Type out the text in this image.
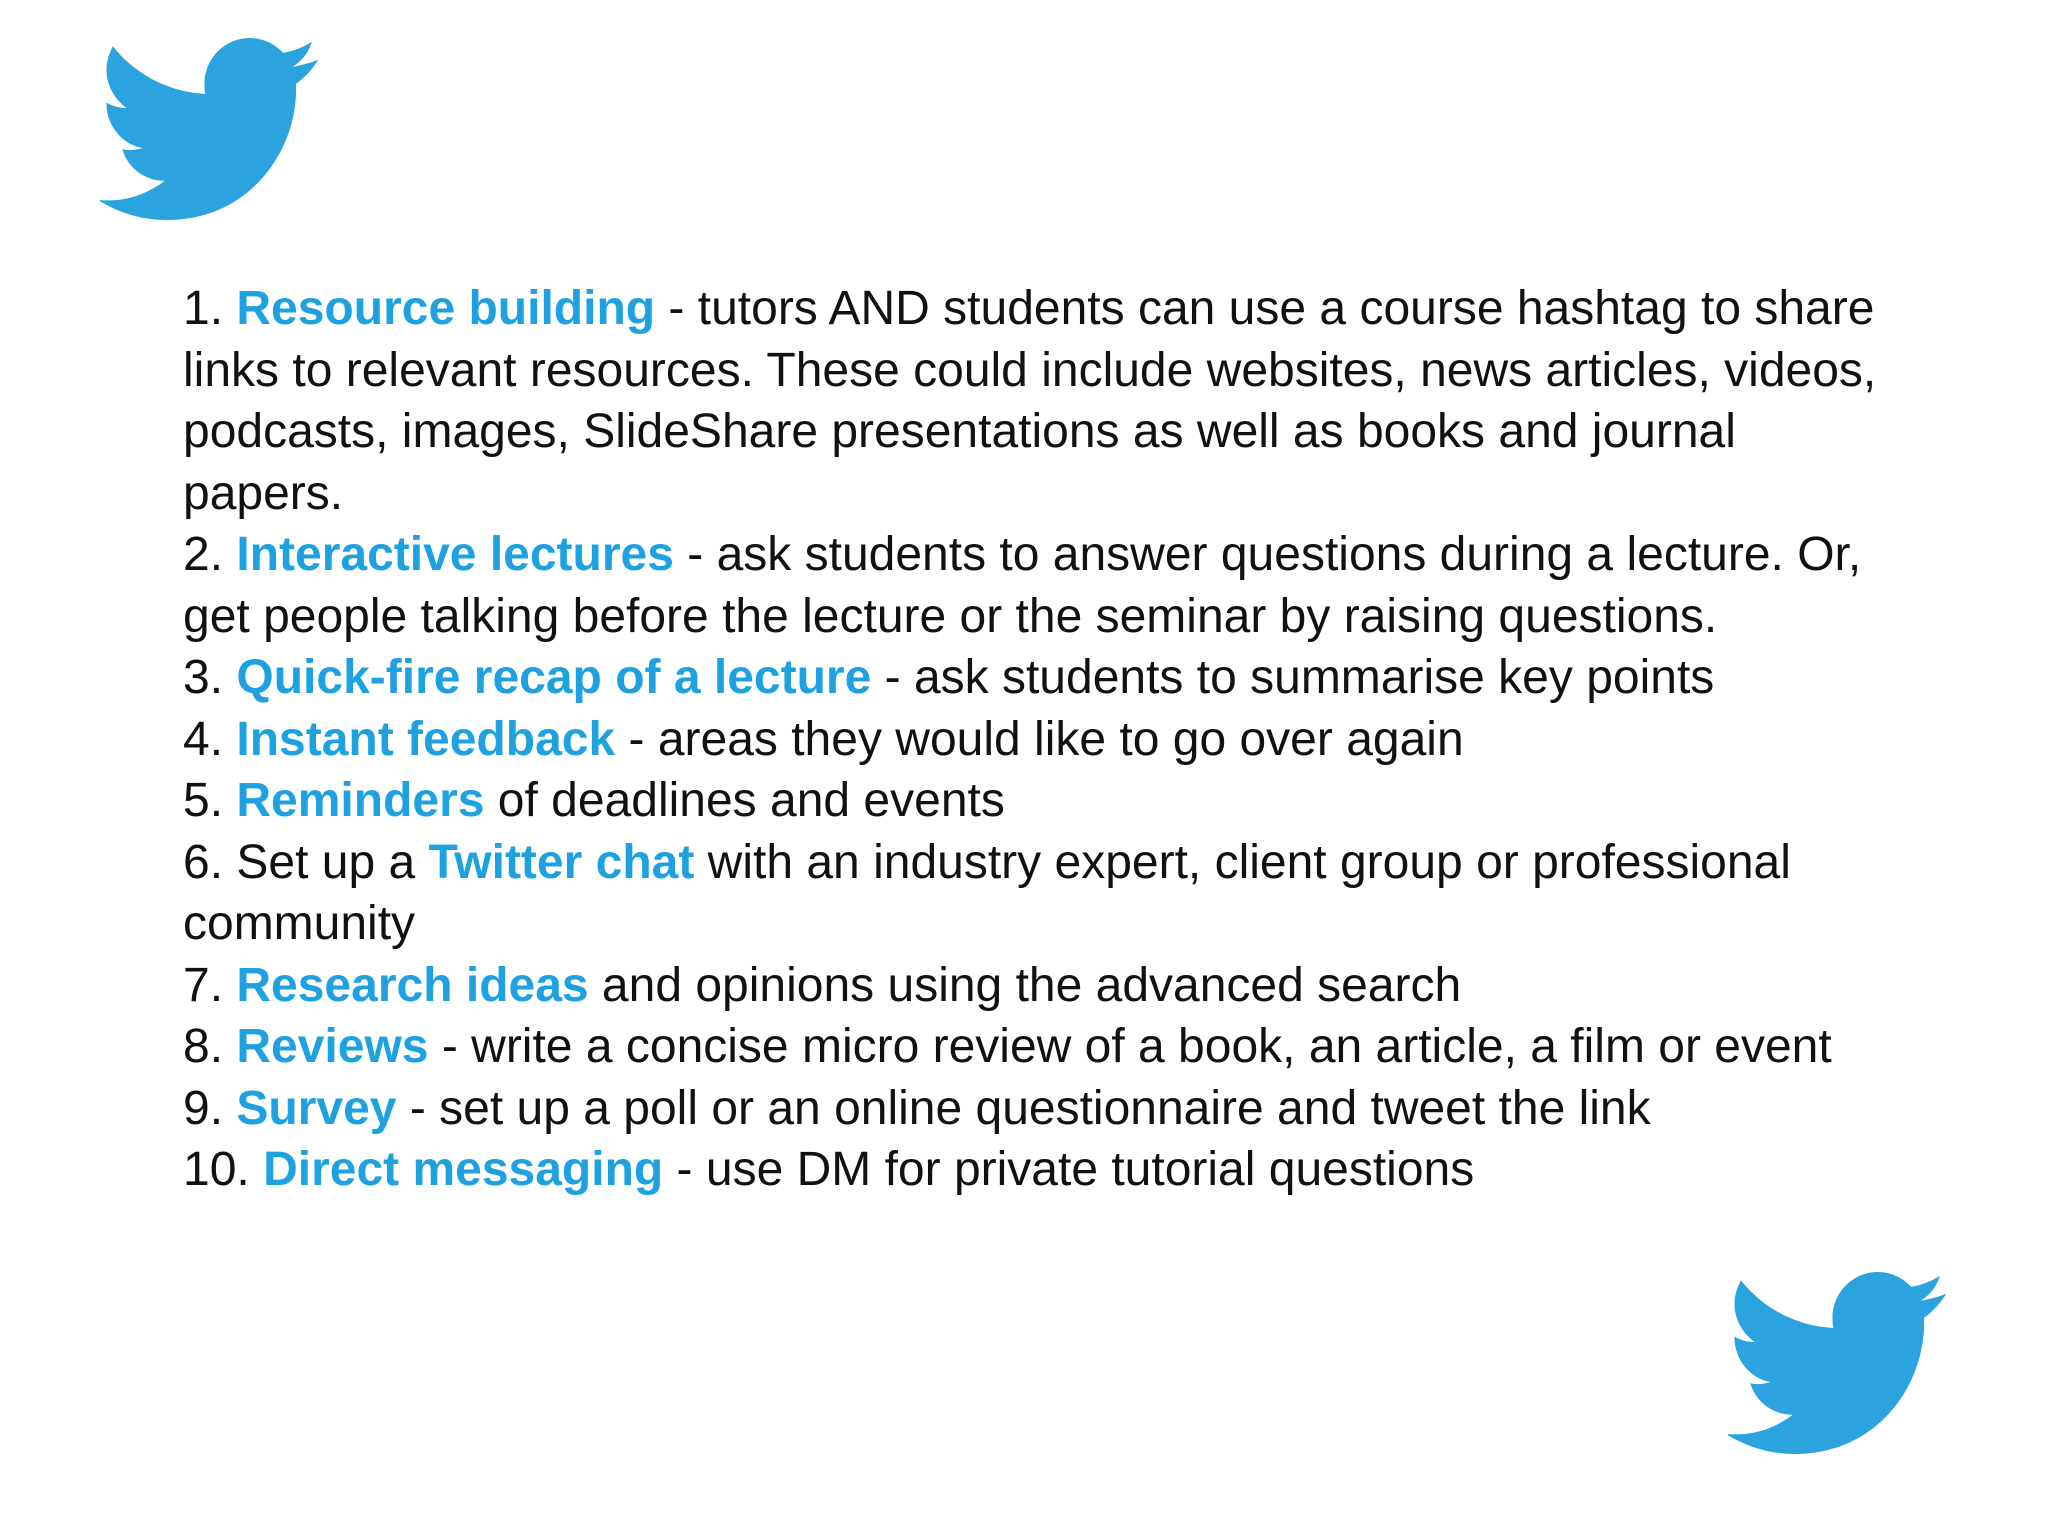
1. Resource building - tutors AND students can use a course hashtag to share links to relevant resources. These could include websites, news articles, videos, podcasts, images, SlideShare presentations as well as books and journal papers.
2. Interactive lectures - ask students to answer questions during a lecture. Or, get people talking before the lecture or the seminar by raising questions.
3. Quick-fire recap of a lecture - ask students to summarise key points
4. Instant feedback - areas they would like to go over again
5. Reminders of deadlines and events
6. Set up a Twitter chat with an industry expert, client group or professional community
7. Research ideas and opinions using the advanced search
8. Reviews - write a concise micro review of a book, an article, a film or event
9. Survey - set up a poll or an online questionnaire and tweet the link
10. Direct messaging - use DM for private tutorial questions
